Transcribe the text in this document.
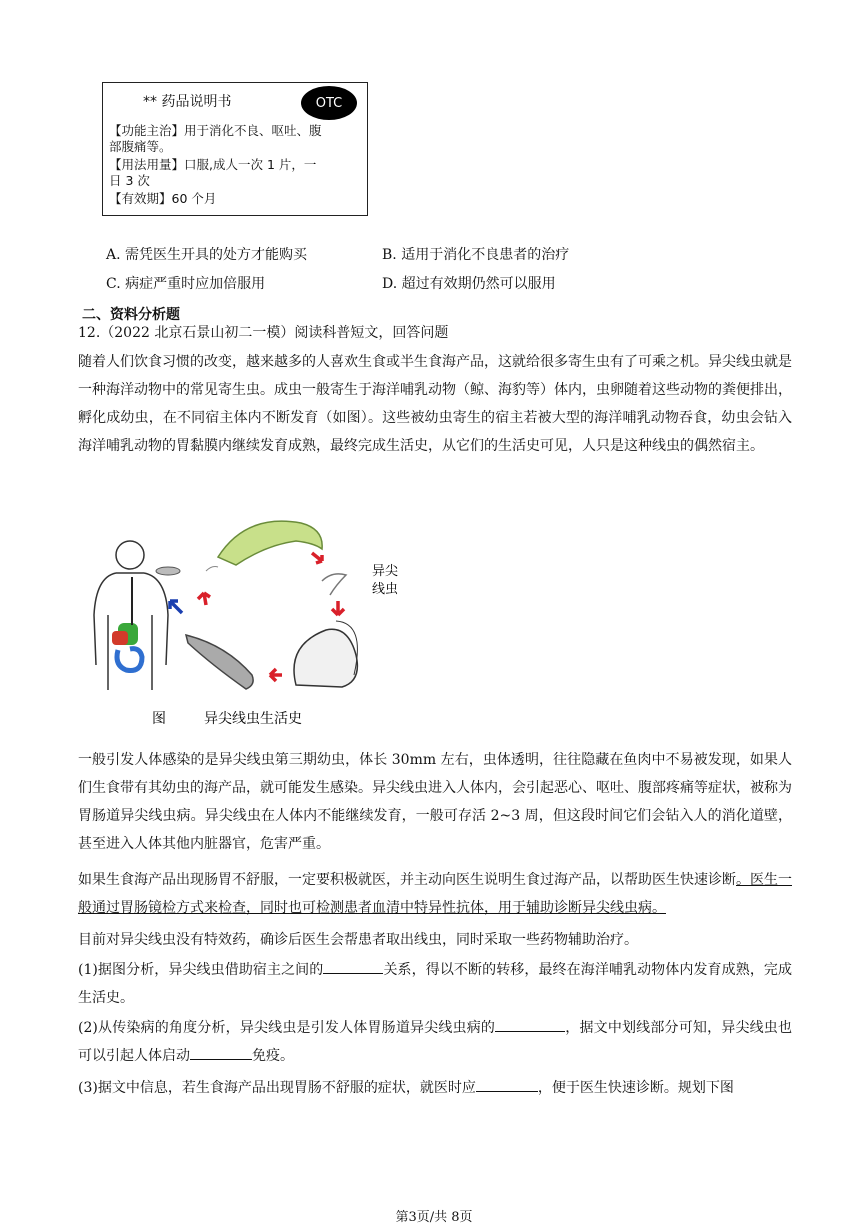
** 药品说明书	OTC
【功能主治】用于消化不良、呕吐、腹
部腹痛等。
【用法用量】口服,成人一次 1 片，一
日 3 次
【有效期】60 个月
A. 需凭医生开具的处方才能购买	B. 适用于消化不良患者的治疗
C. 病症严重时应加倍服用	D. 超过有效期仍然可以服用
二、资料分析题
12.（2022 北京石景山初二一模）阅读科普短文，回答问题
随着人们饮食习惯的改变，越来越多的人喜欢生食或半生食海产品，这就给很多寄生虫有了可乘之机。异尖线虫就是一种海洋动物中的常见寄生虫。成虫一般寄生于海洋哺乳动物（鲸、海豹等）体内，虫卵随着这些动物的粪便排出，孵化成幼虫，在不同宿主体内不断发育（如图）。这些被幼虫寄生的宿主若被大型的海洋哺乳动物吞食，幼虫会钻入海洋哺乳动物的胃黏膜内继续发育成熟，最终完成生活史，从它们的生活史可见，人只是这种线虫的偶然宿主。
异尖
线虫
图	异尖线虫生活史
一般引发人体感染的是异尖线虫第三期幼虫，体长 30mm 左右，虫体透明，往往隐藏在鱼肉中不易被发现，如果人们生食带有其幼虫的海产品，就可能发生感染。异尖线虫进入人体内，会引起恶心、呕吐、腹部疼痛等症状，被称为胃肠道异尖线虫病。异尖线虫在人体内不能继续发育，一般可存活 2~3 周，但这段时间它们会钻入人的消化道壁，甚至进入人体其他内脏器官，危害严重。
如果生食海产品出现肠胃不舒服，一定要积极就医，并主动向医生说明生食过海产品，以帮助医生快速诊断。医生一般通过胃肠镜检方式来检查，同时也可检测患者血清中特异性抗体，用于辅助诊断异尖线虫病。
目前对异尖线虫没有特效药，确诊后医生会帮患者取出线虫，同时采取一些药物辅助治疗。
(1)据图分析，异尖线虫借助宿主之间的	关系，得以不断的转移，最终在海洋哺乳动物体内发育成熟，完成生活史。
(2)从传染病的角度分析，异尖线虫是引发人体胃肠道异尖线虫病的	，据文中划线部分可知，异尖线虫也可以引起人体启动	免疫。
(3)据文中信息，若生食海产品出现胃肠不舒服的症状，就医时应	，便于医生快速诊断。规划下图
第3页/共 8页
